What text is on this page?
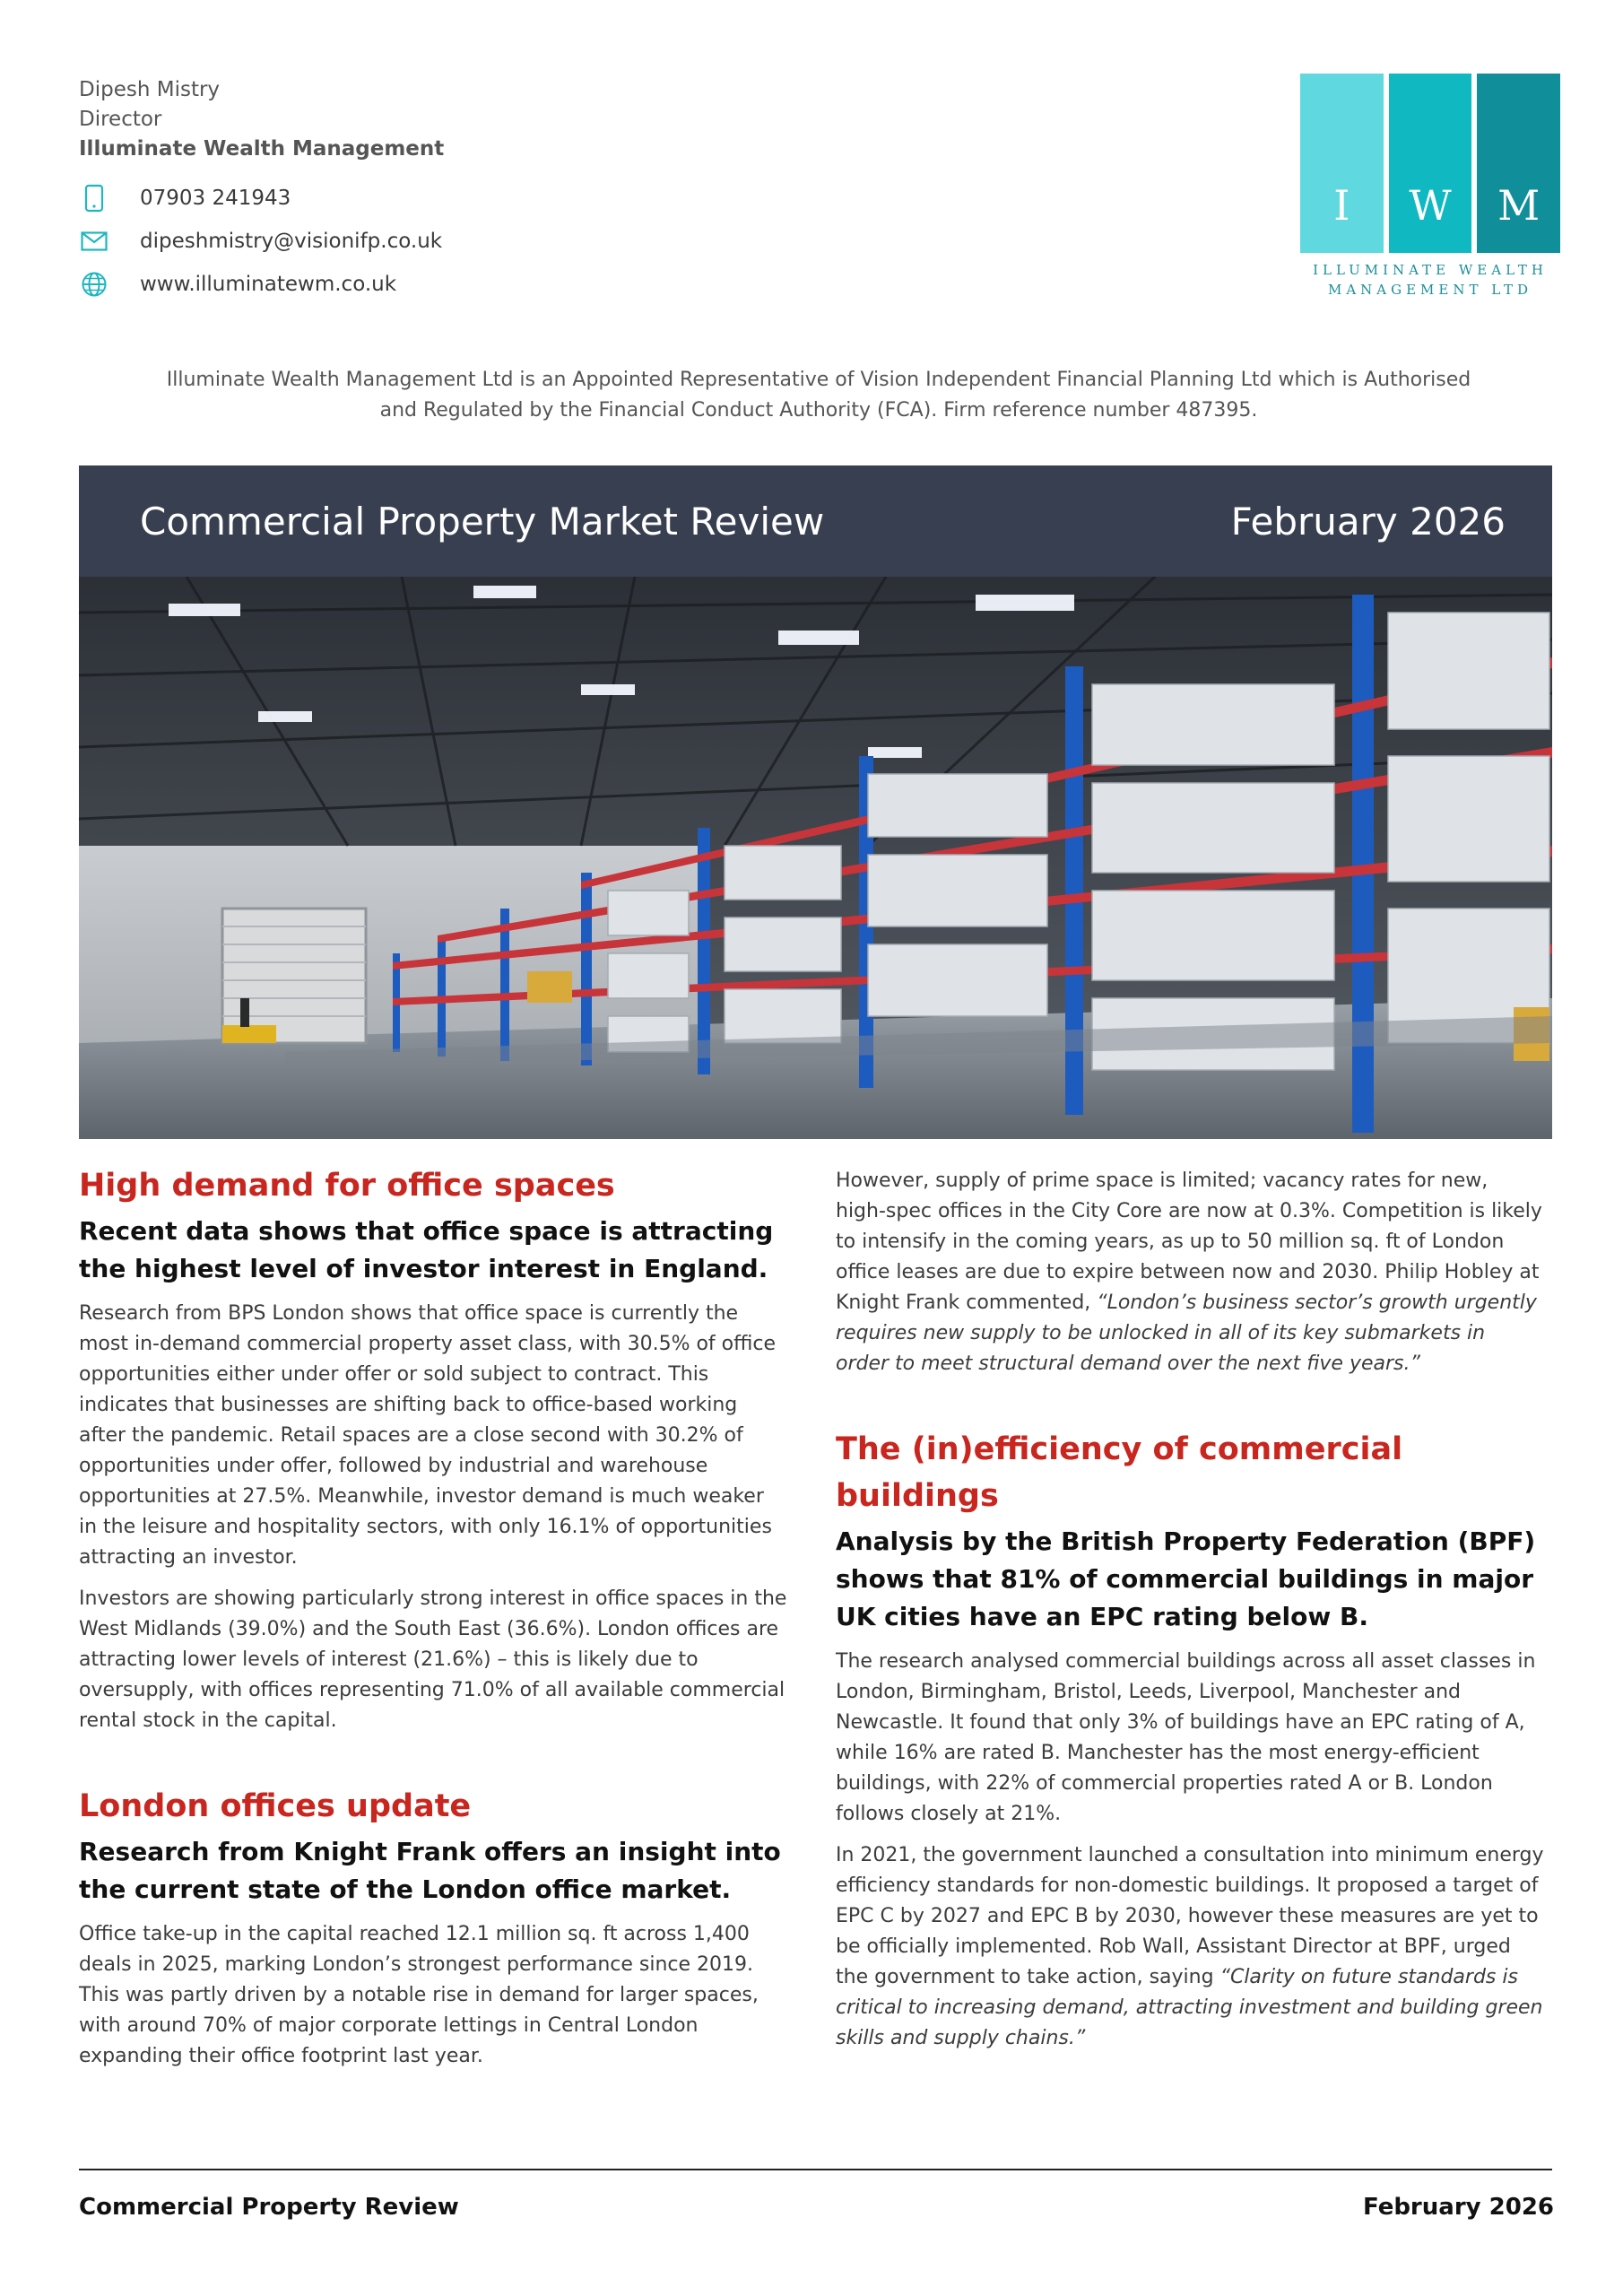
Dipesh Mistry
Director
Illuminate Wealth Management
07903 241943
dipeshmistry@visionifp.co.uk
www.illuminatewm.co.uk
I	W	M
ILLUMINATE WEALTH
MANAGEMENT LTD
Illuminate Wealth Management Ltd is an Appointed Representative of Vision Independent Financial Planning Ltd which is Authorised
and Regulated by the Financial Conduct Authority (FCA). Firm reference number 487395.
Commercial Property Market Review	February 2026
High demand for office spaces
Recent data shows that office space is attracting the highest level of investor interest in England.

Research from BPS London shows that office space is currently the most in-demand commercial property asset class, with 30.5% of office opportunities either under offer or sold subject to contract. This indicates that businesses are shifting back to office-based working after the pandemic. Retail spaces are a close second with 30.2% of opportunities under offer, followed by industrial and warehouse opportunities at 27.5%. Meanwhile, investor demand is much weaker in the leisure and hospitality sectors, with only 16.1% of opportunities attracting an investor.

Investors are showing particularly strong interest in office spaces in the West Midlands (39.0%) and the South East (36.6%). London offices are attracting lower levels of interest (21.6%) – this is likely due to oversupply, with offices representing 71.0% of all available commercial rental stock in the capital.

London offices update
Research from Knight Frank offers an insight into the current state of the London office market.

Office take-up in the capital reached 12.1 million sq. ft across 1,400 deals in 2025, marking London’s strongest performance since 2019. This was partly driven by a notable rise in demand for larger spaces, with around 70% of major corporate lettings in Central London expanding their office footprint last year.

However, supply of prime space is limited; vacancy rates for new, high-spec offices in the City Core are now at 0.3%. Competition is likely to intensify in the coming years, as up to 50 million sq. ft of London office leases are due to expire between now and 2030. Philip Hobley at Knight Frank commented, “London’s business sector’s growth urgently requires new supply to be unlocked in all of its key submarkets in order to meet structural demand over the next five years.”

The (in)efficiency of commercial buildings
Analysis by the British Property Federation (BPF) shows that 81% of commercial buildings in major UK cities have an EPC rating below B.

The research analysed commercial buildings across all asset classes in London, Birmingham, Bristol, Leeds, Liverpool, Manchester and Newcastle. It found that only 3% of buildings have an EPC rating of A, while 16% are rated B. Manchester has the most energy-efficient buildings, with 22% of commercial properties rated A or B. London follows closely at 21%.

In 2021, the government launched a consultation into minimum energy efficiency standards for non-domestic buildings. It proposed a target of EPC C by 2027 and EPC B by 2030, however these measures are yet to be officially implemented. Rob Wall, Assistant Director at BPF, urged the government to take action, saying “Clarity on future standards is critical to increasing demand, attracting investment and building green skills and supply chains.”

Commercial Property Review	February 2026
